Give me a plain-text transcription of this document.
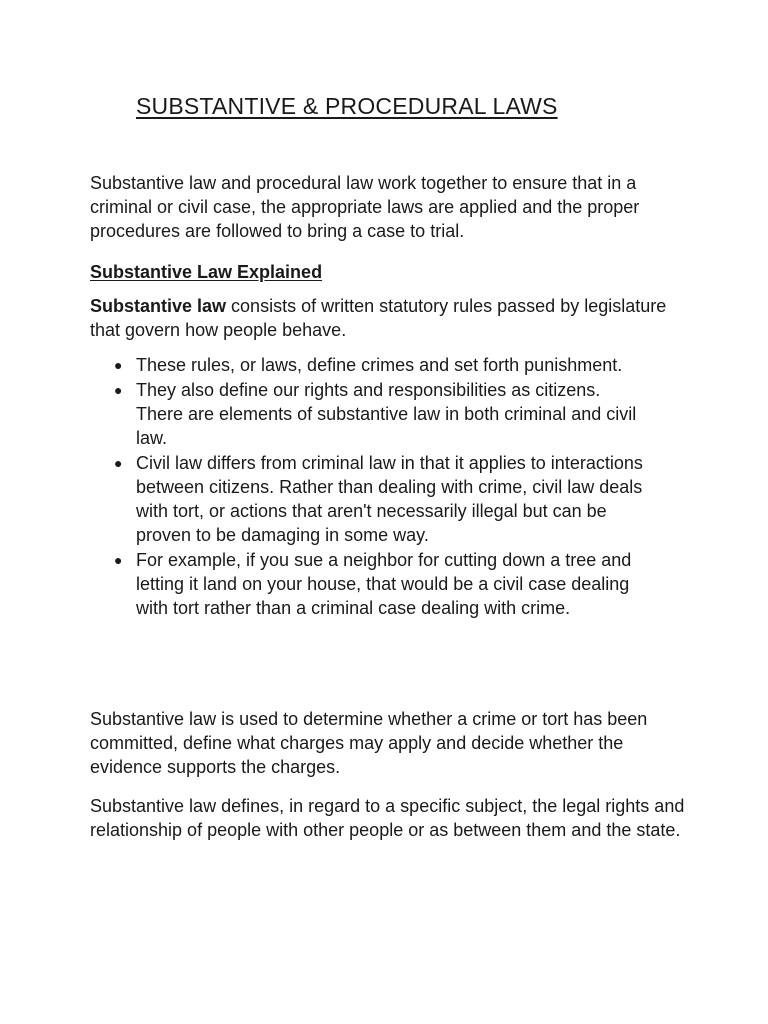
SUBSTANTIVE & PROCEDURAL LAWS

Substantive law and procedural law work together to ensure that in a criminal or civil case, the appropriate laws are applied and the proper procedures are followed to bring a case to trial.

Substantive Law Explained

Substantive law consists of written statutory rules passed by legislature that govern how people behave.

● These rules, or laws, define crimes and set forth punishment.
● They also define our rights and responsibilities as citizens. There are elements of substantive law in both criminal and civil law.
● Civil law differs from criminal law in that it applies to interactions between citizens. Rather than dealing with crime, civil law deals with tort, or actions that aren't necessarily illegal but can be proven to be damaging in some way.
● For example, if you sue a neighbor for cutting down a tree and letting it land on your house, that would be a civil case dealing with tort rather than a criminal case dealing with crime.

Substantive law is used to determine whether a crime or tort has been committed, define what charges may apply and decide whether the evidence supports the charges.

Substantive law defines, in regard to a specific subject, the legal rights and relationship of people with other people or as between them and the state.
